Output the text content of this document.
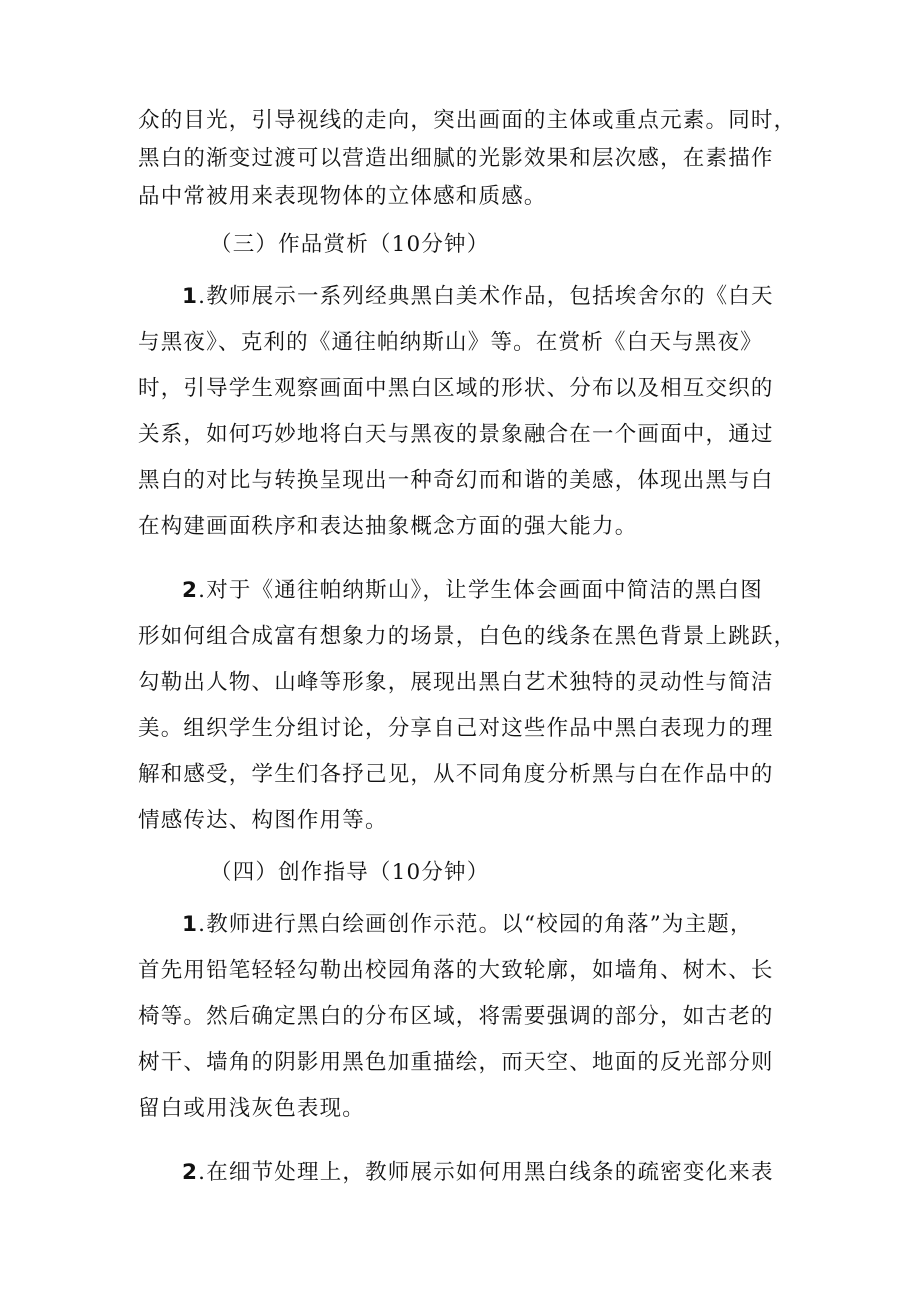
众的目光，引导视线的走向，突出画面的主体或重点元素。同时，
黑白的渐变过渡可以营造出细腻的光影效果和层次感，在素描作
品中常被用来表现物体的立体感和质感。
（三）作品赏析（10分钟）
1.教师展示一系列经典黑白美术作品，包括埃舍尔的《白天
与黑夜》、克利的《通往帕纳斯山》等。在赏析《白天与黑夜》
时，引导学生观察画面中黑白区域的形状、分布以及相互交织的
关系，如何巧妙地将白天与黑夜的景象融合在一个画面中，通过
黑白的对比与转换呈现出一种奇幻而和谐的美感，体现出黑与白
在构建画面秩序和表达抽象概念方面的强大能力。
2.对于《通往帕纳斯山》，让学生体会画面中简洁的黑白图
形如何组合成富有想象力的场景，白色的线条在黑色背景上跳跃，
勾勒出人物、山峰等形象，展现出黑白艺术独特的灵动性与简洁
美。组织学生分组讨论，分享自己对这些作品中黑白表现力的理
解和感受，学生们各抒己见，从不同角度分析黑与白在作品中的
情感传达、构图作用等。
（四）创作指导（10分钟）
1.教师进行黑白绘画创作示范。以“校园的角落”为主题，
首先用铅笔轻轻勾勒出校园角落的大致轮廓，如墙角、树木、长
椅等。然后确定黑白的分布区域，将需要强调的部分，如古老的
树干、墙角的阴影用黑色加重描绘，而天空、地面的反光部分则
留白或用浅灰色表现。
2.在细节处理上，教师展示如何用黑白线条的疏密变化来表
